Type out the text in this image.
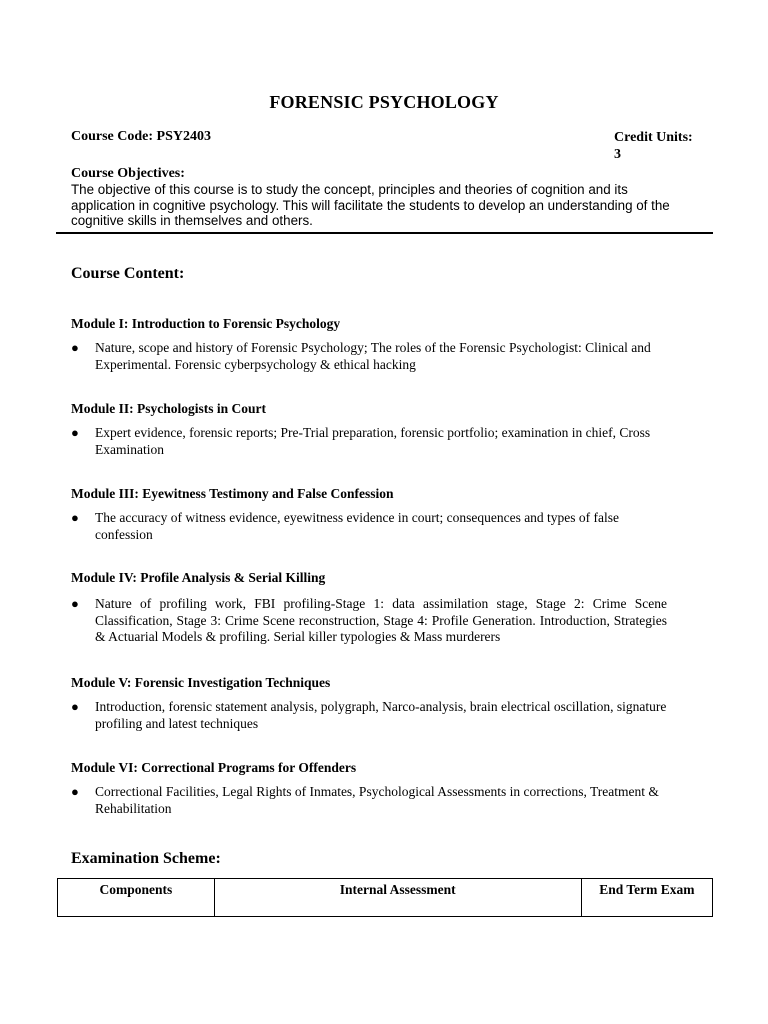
FORENSIC PSYCHOLOGY
Course Code: PSY2403	Credit Units:
3
Course Objectives:
The objective of this course is to study the concept, principles and theories of cognition and its application in cognitive psychology. This will facilitate the students to develop an understanding of the cognitive skills in themselves and others.
Course Content:
Module I: Introduction to Forensic Psychology
● Nature, scope and history of Forensic Psychology; The roles of the Forensic Psychologist: Clinical and Experimental. Forensic cyberpsychology & ethical hacking
Module II: Psychologists in Court
● Expert evidence, forensic reports; Pre-Trial preparation, forensic portfolio; examination in chief, Cross Examination
Module III: Eyewitness Testimony and False Confession
● The accuracy of witness evidence, eyewitness evidence in court; consequences and types of false confession
Module IV: Profile Analysis & Serial Killing
● Nature of profiling work, FBI profiling-Stage 1: data assimilation stage, Stage 2: Crime Scene Classification, Stage 3: Crime Scene reconstruction, Stage 4: Profile Generation. Introduction, Strategies & Actuarial Models & profiling. Serial killer typologies & Mass murderers
Module V: Forensic Investigation Techniques
● Introduction, forensic statement analysis, polygraph, Narco-analysis, brain electrical oscillation, signature profiling and latest techniques
Module VI: Correctional Programs for Offenders
● Correctional Facilities, Legal Rights of Inmates, Psychological Assessments in corrections, Treatment & Rehabilitation
Examination Scheme:
Components	Internal Assessment	End Term Exam
